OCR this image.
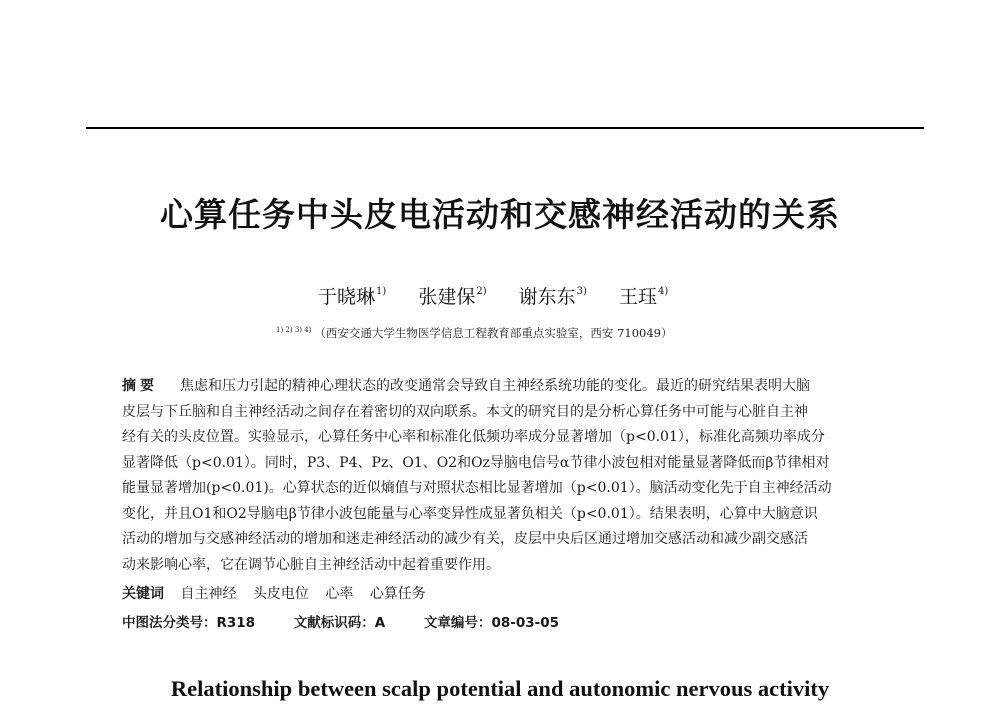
心算任务中头皮电活动和交感神经活动的关系
于晓琳$^{1)}$ 张建保$^{2)}$ 谢东东$^{3)}$ 王珏$^{4)}$
$^{1) 2) 3) 4)}$ （西安交通大学生物医学信息工程教育部重点实验室，西安 710049）
摘要 焦虑和压力引起的精神心理状态的改变通常会导致自主神经系统功能的变化。最近的研究结果表明大脑
皮层与下丘脑和自主神经活动之间存在着密切的双向联系。本文的研究目的是分析心算任务中可能与心脏自主神
经有关的头皮位置。实验显示，心算任务中心率和标准化低频功率成分显著增加（p<0.01），标准化高频功率成分
显著降低（p<0.01）。同时，P3、P4、Pz、O1、O2和Oz导脑电信号α节律小波包相对能量显著降低而β节律相对
能量显著增加(p<0.01)。心算状态的近似熵值与对照状态相比显著增加（p<0.01）。脑活动变化先于自主神经活动
变化，并且O1和O2导脑电β节律小波包能量与心率变异性成显著负相关（p<0.01）。结果表明，心算中大脑意识
活动的增加与交感神经活动的增加和迷走神经活动的减少有关，皮层中央后区通过增加交感活动和减少副交感活
动来影响心率，它在调节心脏自主神经活动中起着重要作用。
关键词 自主神经 头皮电位 心率 心算任务
中图法分类号：R318	文献标识码：A	文章编号：08-03-05
Relationship between scalp potential and autonomic nervous activity
